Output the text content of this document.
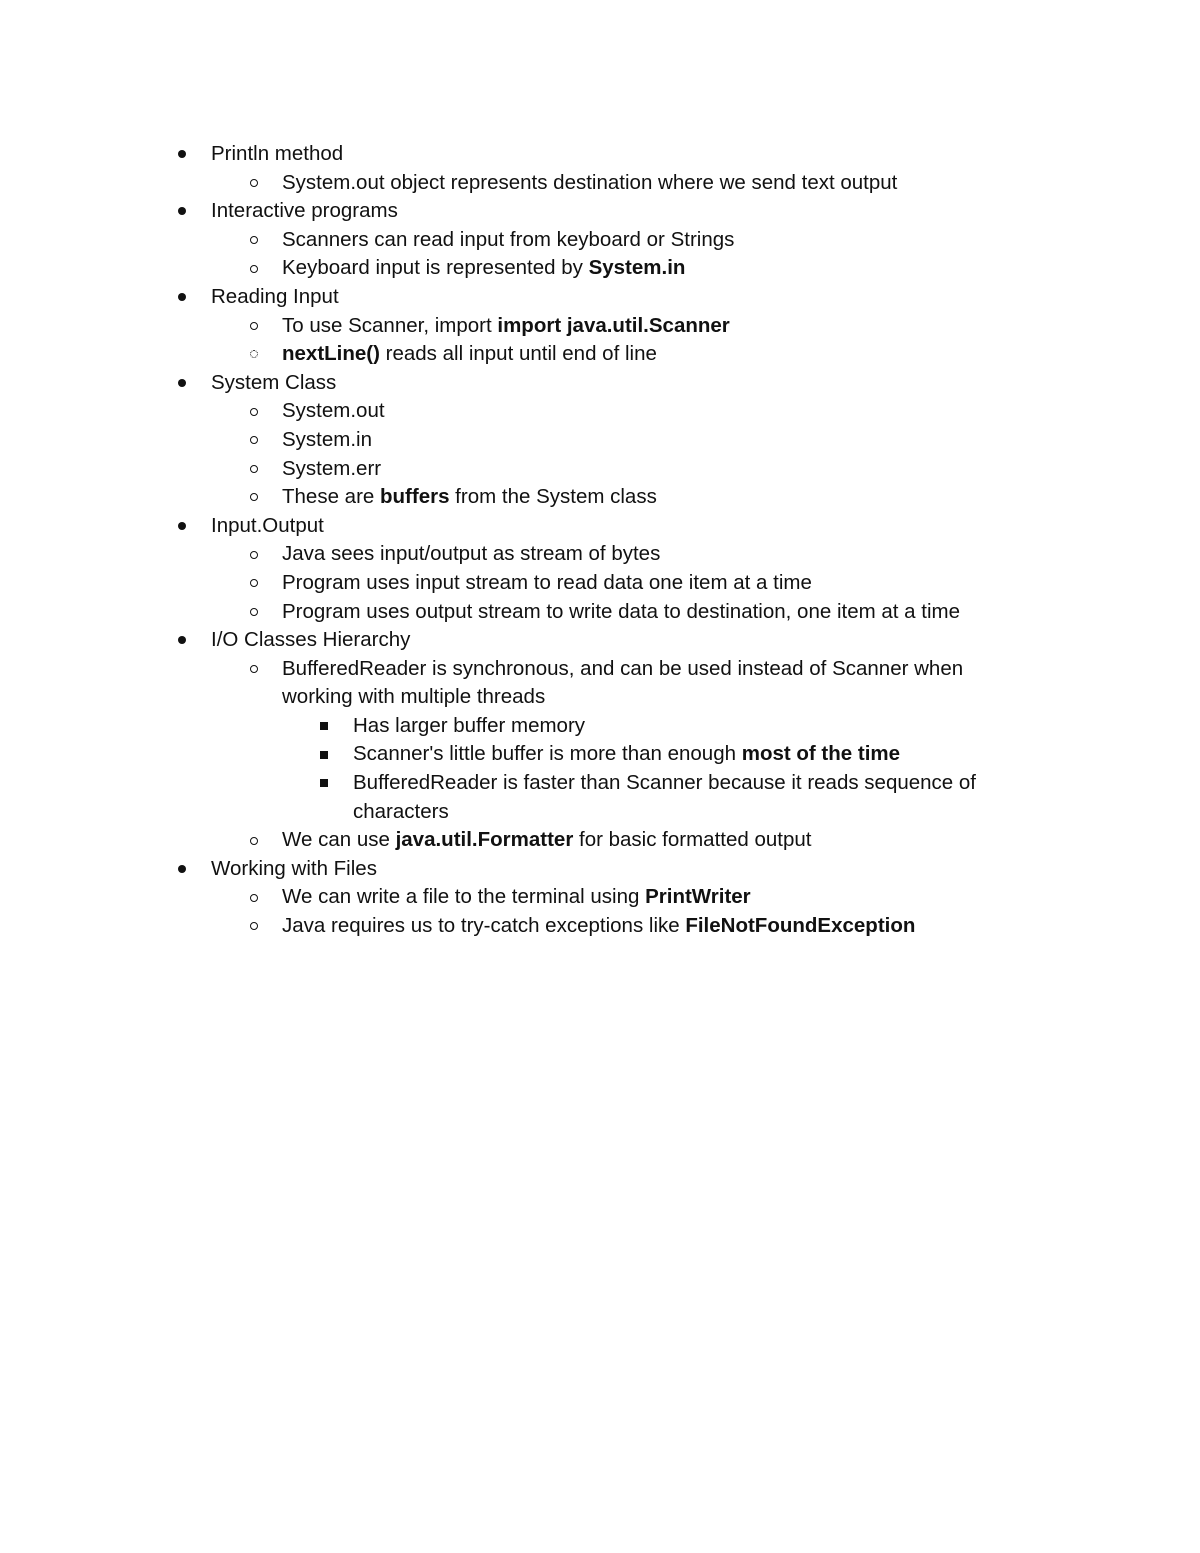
Println method
System.out object represents destination where we send text output
Interactive programs
Scanners can read input from keyboard or Strings
Keyboard input is represented by System.in
Reading Input
To use Scanner, import import java.util.Scanner
nextLine() reads all input until end of line
System Class
System.out
System.in
System.err
These are buffers from the System class
Input.Output
Java sees input/output as stream of bytes
Program uses input stream to read data one item at a time
Program uses output stream to write data to destination, one item at a time
I/O Classes Hierarchy
BufferedReader is synchronous, and can be used instead of Scanner when working with multiple threads
Has larger buffer memory
Scanner's little buffer is more than enough most of the time
BufferedReader is faster than Scanner because it reads sequence of characters
We can use java.util.Formatter for basic formatted output
Working with Files
We can write a file to the terminal using PrintWriter
Java requires us to try-catch exceptions like FileNotFoundException
